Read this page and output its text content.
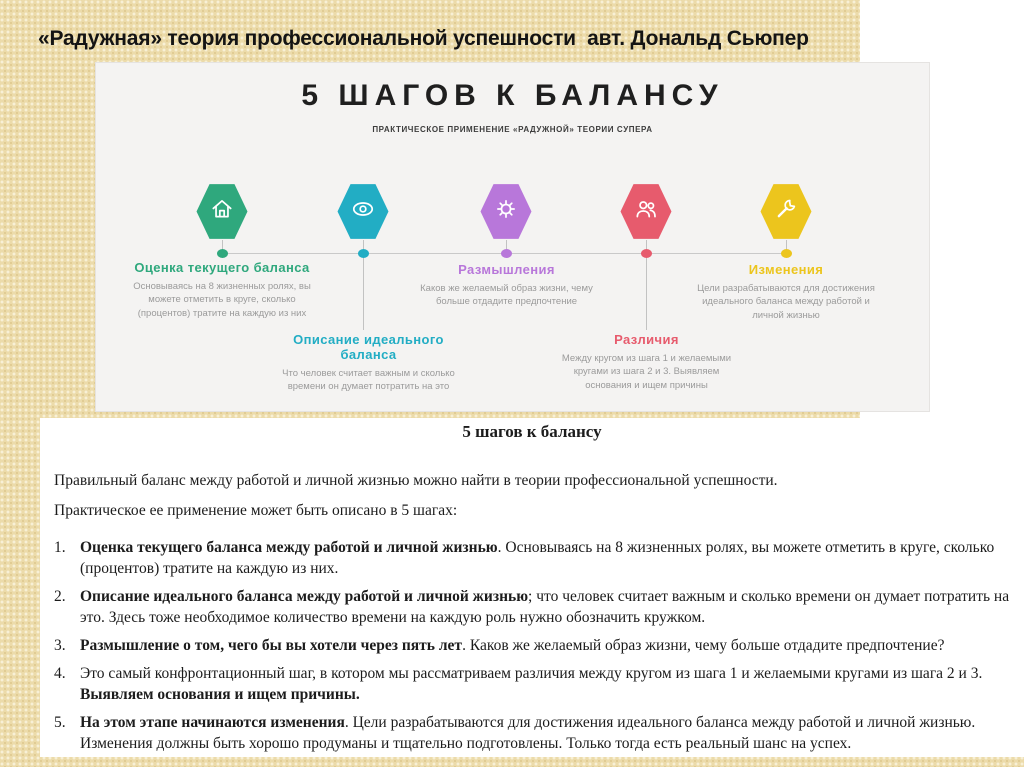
«Радужная» теория профессиональной успешности  авт. Дональд Сьюпер
5 ШАГОВ К БАЛАНСУ
ПРАКТИЧЕСКОЕ ПРИМЕНЕНИЕ «РАДУЖНОЙ» ТЕОРИИ СУПЕРА
Оценка текущего баланса
Основываясь на 8 жизненных ролях, вы можете отметить в круге, сколько (процентов) тратите на каждую из них
Описание идеального баланса
Что человек считает важным и сколько времени он думает потратить на это
Размышления
Каков же желаемый образ жизни, чему больше отдадите предпочтение
Различия
Между кругом из шага 1 и желаемыми кругами из шага 2 и 3. Выявляем основания и ищем причины
Изменения
Цели разрабатываются для достижения идеального баланса между работой и личной жизнью
5 шагов к балансу

Правильный баланс между работой и личной жизнью можно найти в теории профессиональной успешности.

Практическое ее применение может быть описано в 5 шагах:

1. Оценка текущего баланса между работой и личной жизнью. Основываясь на 8 жизненных ролях, вы можете отметить в круге, сколько (процентов) тратите на каждую из них.
2. Описание идеального баланса между работой и личной жизнью; что человек считает важным и сколько времени он думает потратить на это. Здесь тоже необходимое количество времени на каждую роль нужно обозначить кружком.
3. Размышление о том, чего бы вы хотели через пять лет. Каков же желаемый образ жизни, чему больше отдадите предпочтение?
4. Это самый конфронтационный шаг, в котором мы рассматриваем различия между кругом из шага 1 и желаемыми кругами из шага 2 и 3. Выявляем основания и ищем причины.
5. На этом этапе начинаются изменения. Цели разрабатываются для достижения идеального баланса между работой и личной жизнью. Изменения должны быть хорошо продуманы и тщательно подготовлены. Только тогда есть реальный шанс на успех.
